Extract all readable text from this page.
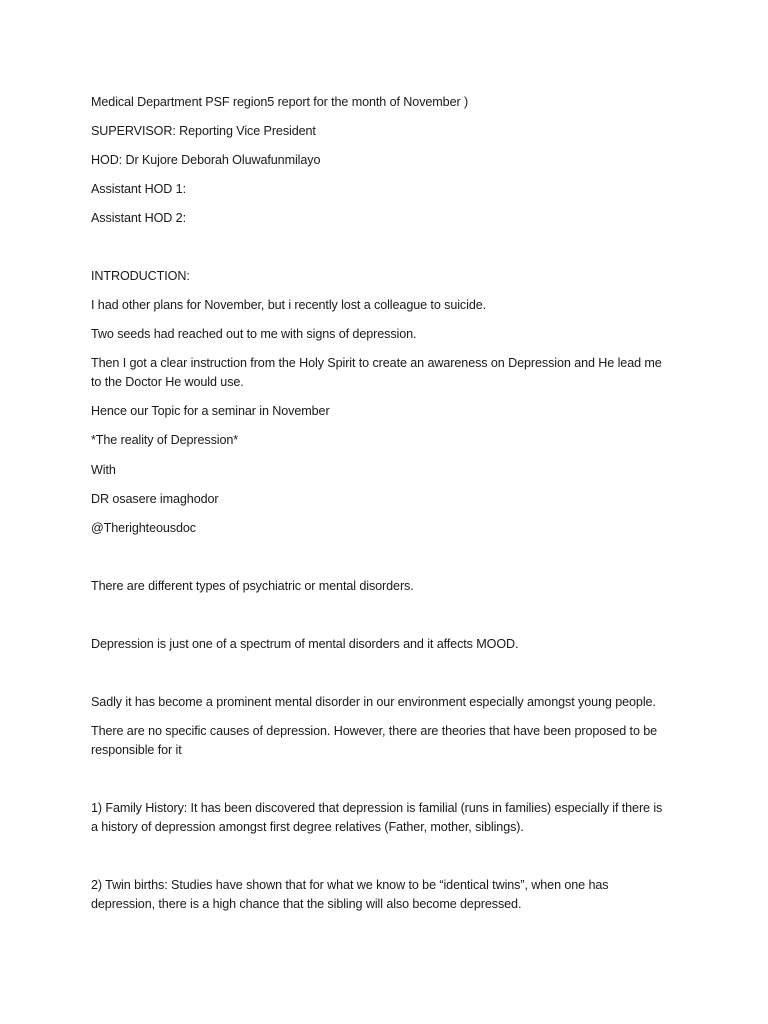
Medical Department PSF region5 report for the month of November )
SUPERVISOR: Reporting Vice President
HOD: Dr Kujore Deborah Oluwafunmilayo
Assistant HOD 1:
Assistant HOD 2:
INTRODUCTION:
I had other plans for November, but i recently lost a colleague to suicide.
Two seeds had reached out to me with signs of depression.
Then I got a clear instruction from the Holy Spirit to create an awareness on Depression and He lead me
to the Doctor He would use.
Hence our Topic for a seminar in November
*The reality of Depression*
With
DR osasere imaghodor
@Therighteousdoc
There are different types of psychiatric or mental disorders.
Depression is just one of a spectrum of mental disorders and it affects MOOD.
Sadly it has become a prominent mental disorder in our environment especially amongst young people.
There are no specific causes of depression. However, there are theories that have been proposed to be
responsible for it
1) Family History: It has been discovered that depression is familial (runs in families) especially if there is
a history of depression amongst first degree relatives (Father, mother, siblings).
2) Twin births: Studies have shown that for what we know to be “identical twins”, when one has
depression, there is a high chance that the sibling will also become depressed.
